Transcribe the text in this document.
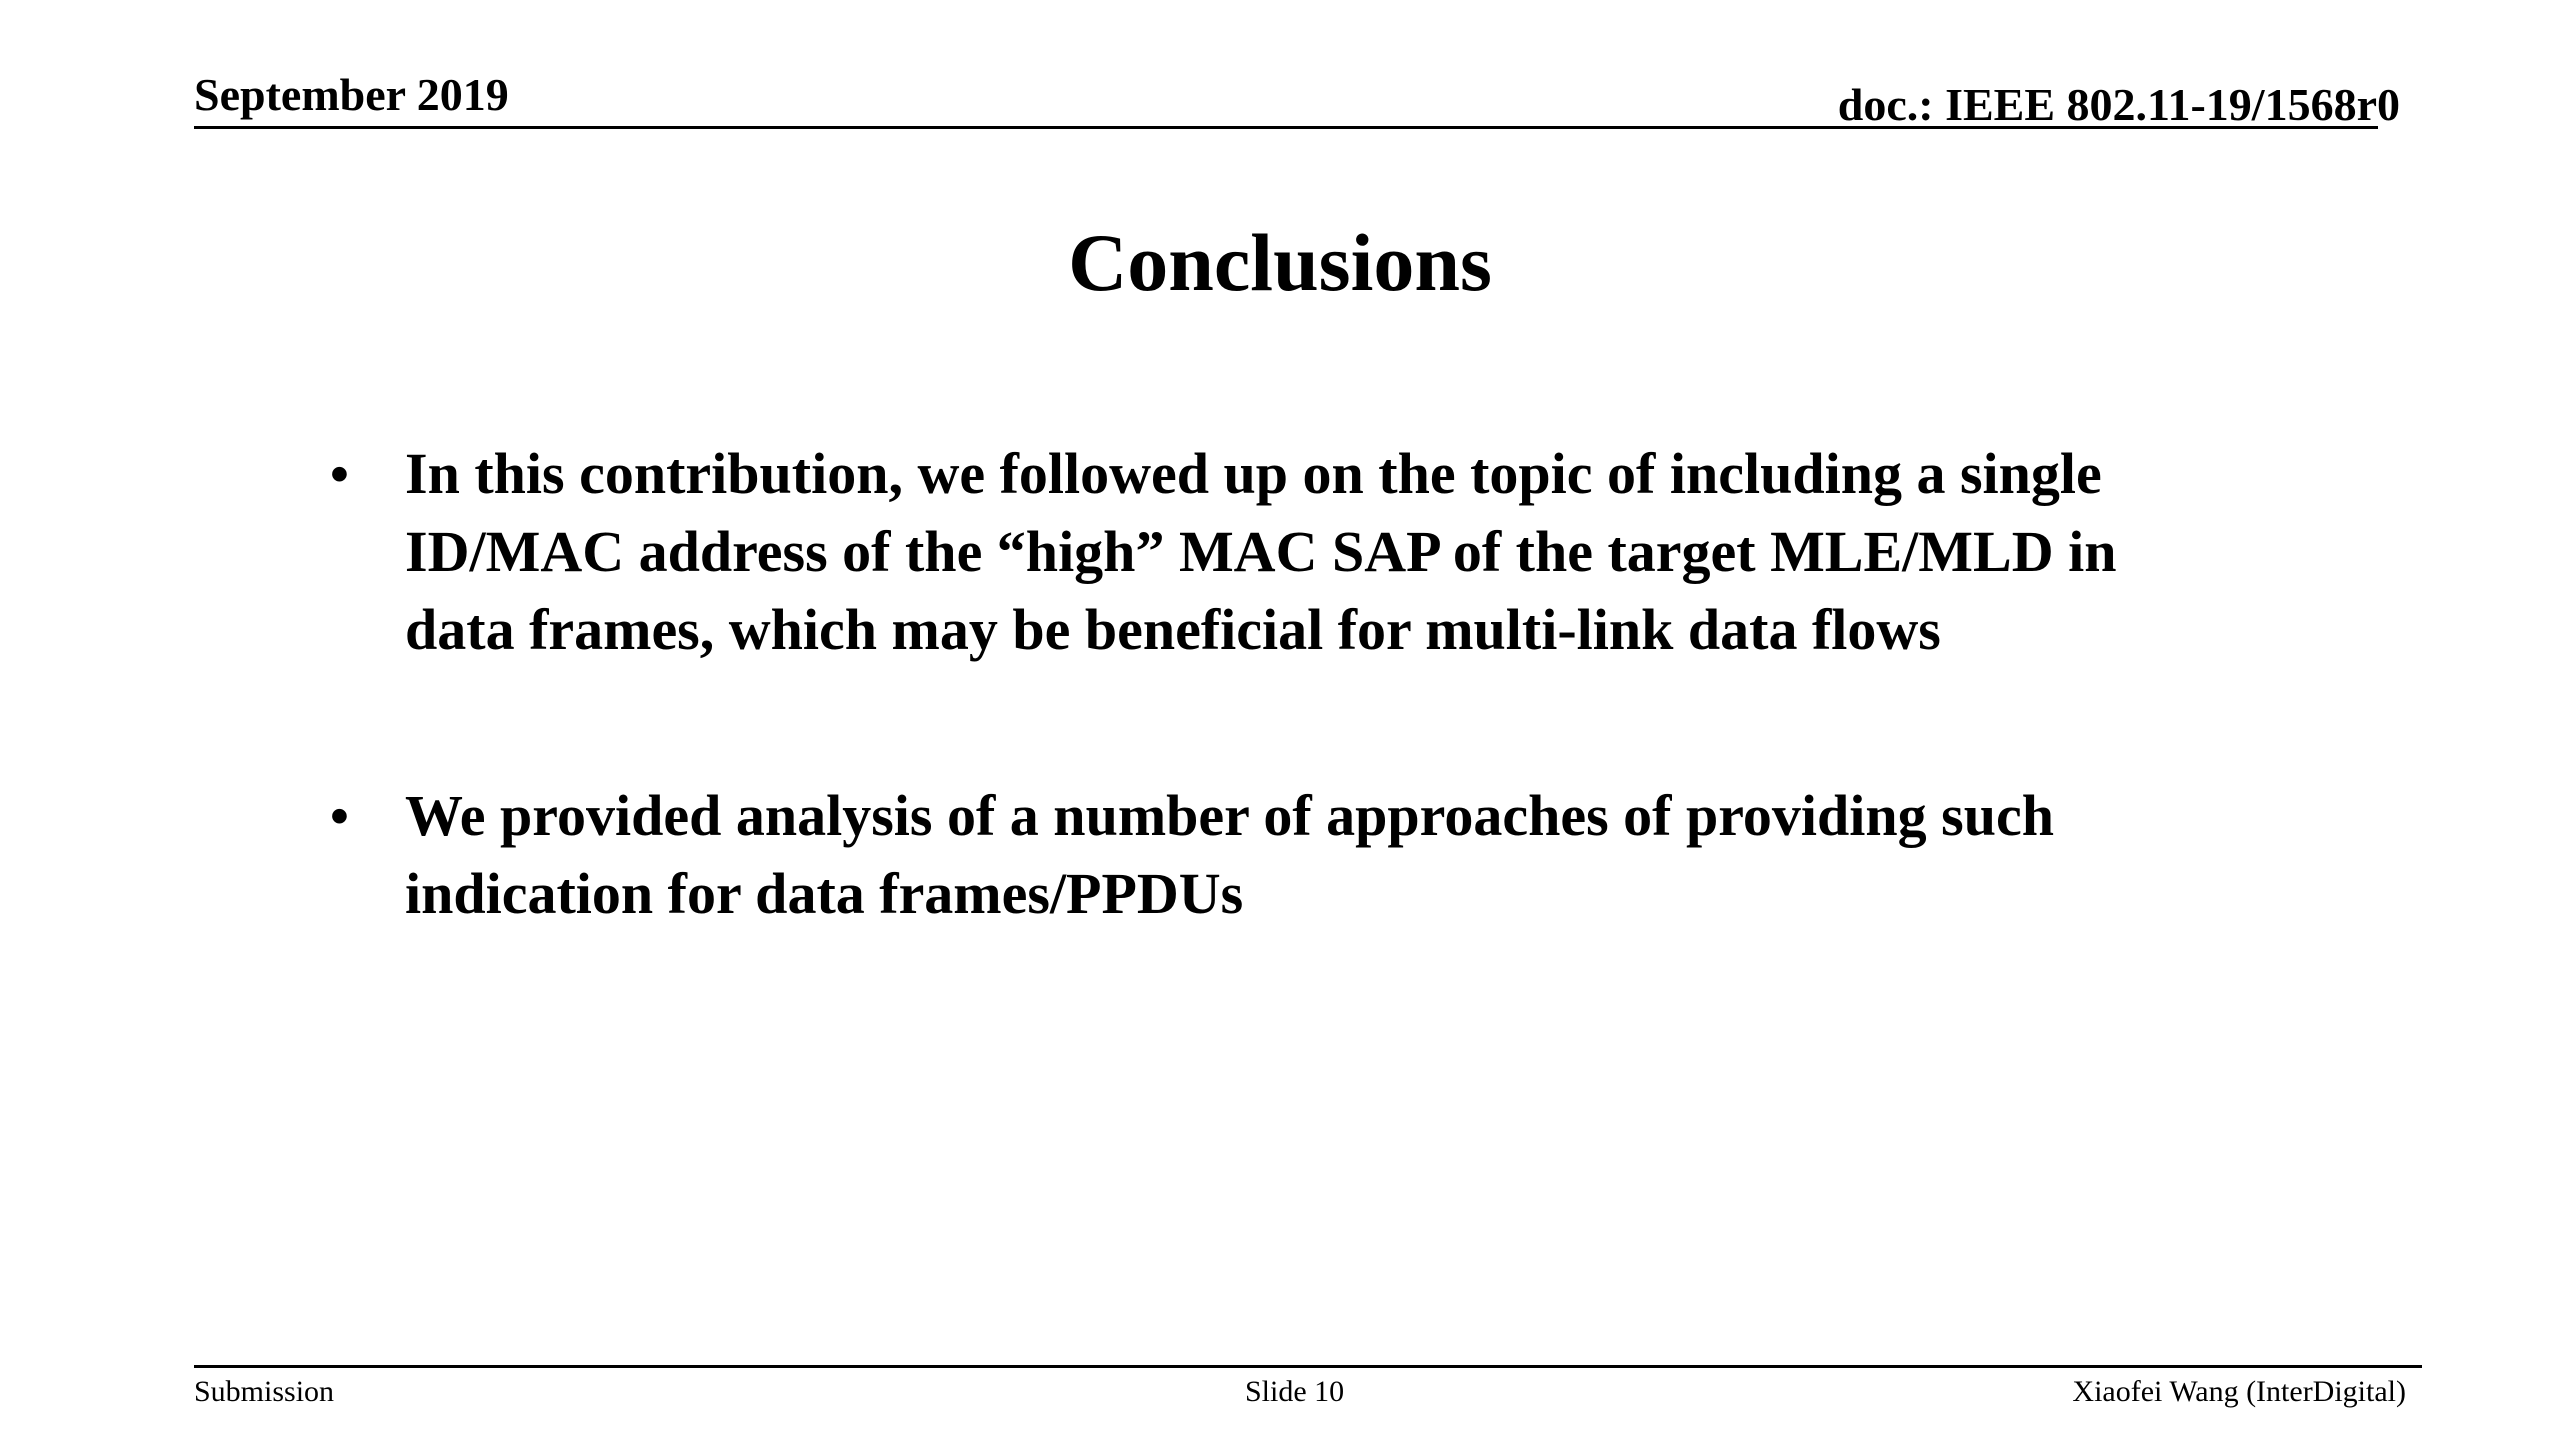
September 2019	doc.: IEEE 802.11-19/1568r0
Conclusions
• In this contribution, we followed up on the topic of including a single ID/MAC address of the “high” MAC SAP of the target MLE/MLD in data frames, which may be beneficial for multi-link data flows
• We provided analysis of a number of approaches of providing such indication for data frames/PPDUs
Submission	Slide 10	Xiaofei Wang (InterDigital)
